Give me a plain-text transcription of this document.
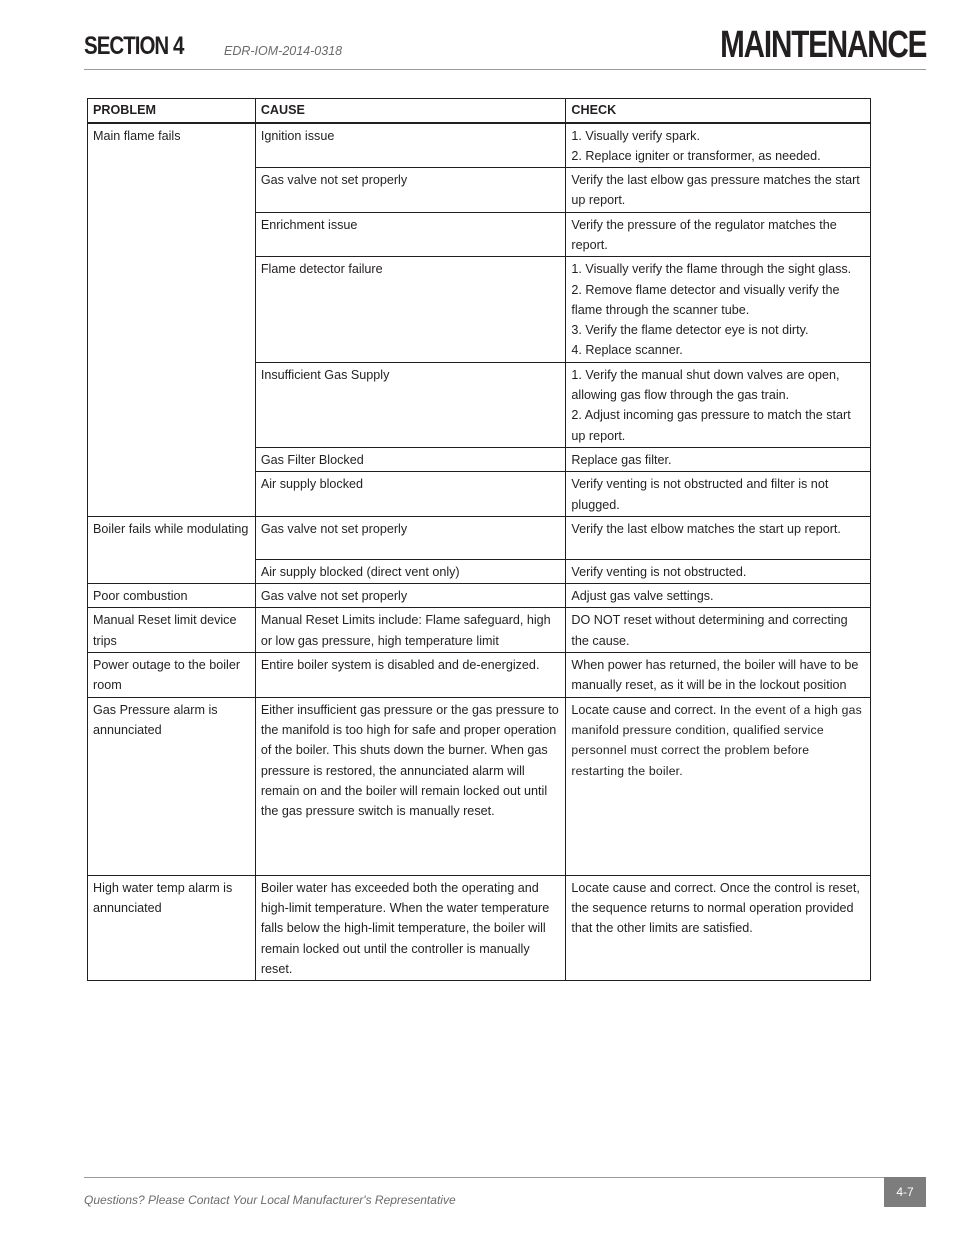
SECTION 4	EDR-IOM-2014-0318	MAINTENANCE
PROBLEM	CAUSE	CHECK
Main flame fails	Ignition issue	1. Visually verify spark.
2. Replace igniter or transformer, as needed.

	Gas valve not set properly	Verify the last elbow gas pressure matches the start up report.

	Enrichment issue	Verify the pressure of the regulator matches the report.

	Flame detector failure	1. Visually verify the flame through the sight glass.
2. Remove flame detector and visually verify the flame through the scanner tube.
3. Verify the flame detector eye is not dirty.
4. Replace scanner.

	Insufficient Gas Supply	1. Verify the manual shut down valves are open, allowing gas flow through the gas train.
2. Adjust incoming gas pressure to match the start up report.

	Gas Filter Blocked	Replace gas filter.

	Air supply blocked	Verify venting is not obstructed and filter is not plugged.

Boiler fails while modulating	Gas valve not set properly	Verify the last elbow matches the start up report.

	Air supply blocked (direct vent only)	Verify venting is not obstructed.

Poor combustion	Gas valve not set properly	Adjust gas valve settings.

Manual Reset limit device trips	Manual Reset Limits include: Flame safeguard, high or low gas pressure, high temperature limit	DO NOT reset without determining and correcting the cause.

Power outage to the boiler room	Entire boiler system is disabled and de-energized.	When power has returned, the boiler will have to be manually reset, as it will be in the lockout position

Gas Pressure alarm is annunciated	Either insufficient gas pressure or the gas pressure to the manifold is too high for safe and proper operation of the boiler. This shuts down the burner. When gas pressure is restored, the annunciated alarm will remain on and the boiler will remain locked out until the gas pressure switch is manually reset.	Locate cause and correct. In the event of a high gas manifold pressure condition, qualified service personnel must correct the problem before restarting the boiler.
High water temp alarm is annunciated	Boiler water has exceeded both the operating and high-limit temperature. When the water temperature falls below the high-limit temperature, the boiler will remain locked out until the controller is manually reset.	Locate cause and correct. Once the control is reset, the sequence returns to normal operation provided that the other limits are satisfied.
Questions? Please Contact Your Local Manufacturer's Representative
4-7
